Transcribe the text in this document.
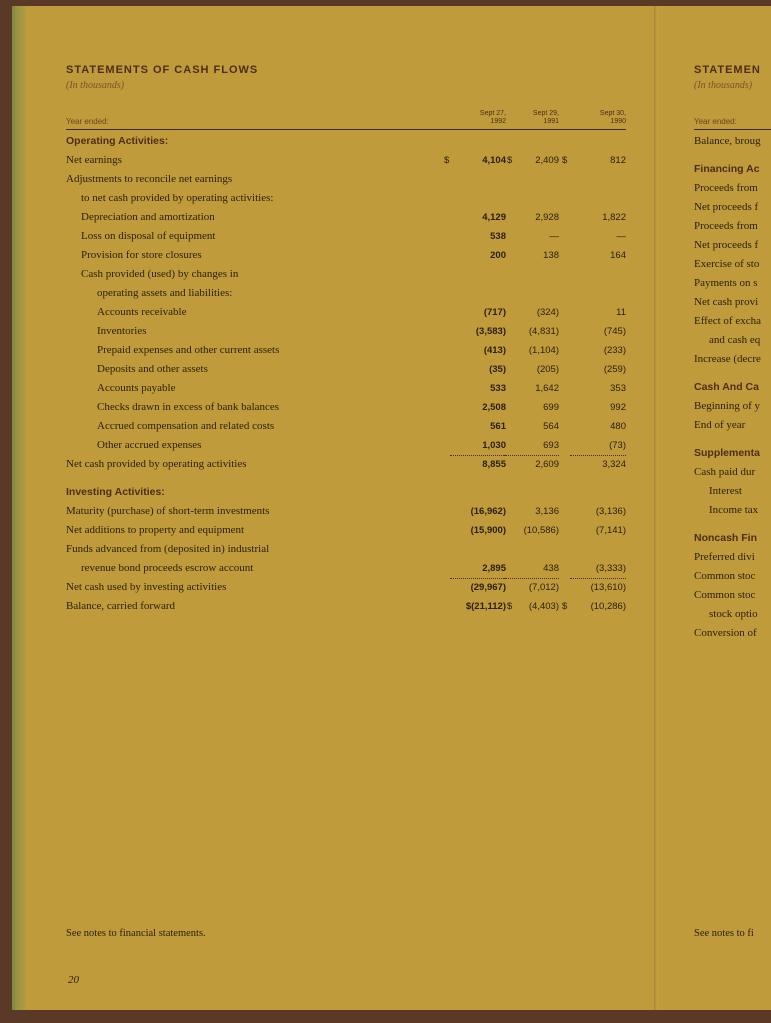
STATEMENTS OF CASH FLOWS
(In thousands)
Year ended:
Sept 27,
1992
Sept 29,
1991
Sept 30,
1990
Operating Activities:
Net earnings	4,104	2,409	812
$	$	$
Adjustments to reconcile net earnings
to net cash provided by operating activities:
Depreciation and amortization	4,129	2,928	1,822
Loss on disposal of equipment	538	—	—
Provision for store closures	200	138	164
Cash provided (used) by changes in
operating assets and liabilities:
Accounts receivable	(717)	(324)	11
Inventories	(3,583)	(4,831)	(745)
Prepaid expenses and other current assets	(413)	(1,104)	(233)
Deposits and other assets	(35)	(205)	(259)
Accounts payable	533	1,642	353
Checks drawn in excess of bank balances	2,508	699	992
Accrued compensation and related costs	561	564	480
Other accrued expenses	1,030	693	(73)
Net cash provided by operating activities	8,855	2,609	3,324
Investing Activities:
Maturity (purchase) of short-term investments	(16,962)	3,136	(3,136)
Net additions to property and equipment	(15,900)	(10,586)	(7,141)
Funds advanced from (deposited in) industrial
revenue bond proceeds escrow account	2,895	438	(3,333)
Net cash used by investing activities	(29,967)	(7,012)	(13,610)
Balance, carried forward	$(21,112)	(4,403)	(10,286)
$	$
See notes to financial statements.
20
STATEMEN
(In thousands)
Year ended:
Balance, broug
Financing Ac
Proceeds from
Net proceeds f
Proceeds from
Net proceeds f
Exercise of sto
Payments on s
Net cash provi
Effect of excha
and cash eq
Increase (decre
Cash And Ca
Beginning of y
End of year
Supplementa
Cash paid dur
Interest
Income tax
Noncash Fin
Preferred divi
Common stoc
Common stoc
stock optio
Conversion of
See notes to fi
